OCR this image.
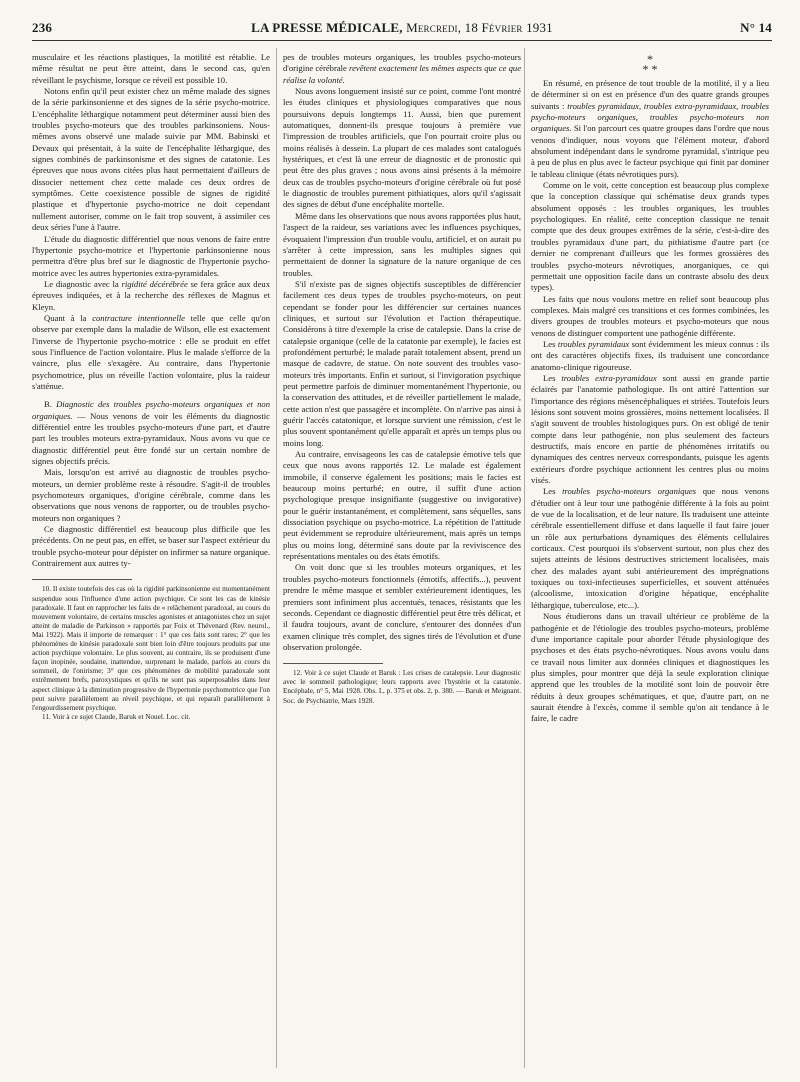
236	LA PRESSE MÉDICALE, Mercredi, 18 Février 1931	N° 14

musculaire et les réactions plastiques, la motilité est rétablie. Le même résultat ne peut être atteint, dans le second cas, qu'en réveillant le psychisme, lorsque ce réveil est possible 10.

Notons enfin qu'il peut exister chez un même malade des signes de la série parkinsonienne et des signes de la série psycho-motrice. L'encéphalite léthargique notamment peut déterminer aussi bien des troubles psycho-moteurs que des troubles parkinsoniens. Nous-mêmes avons observé une malade suivie par MM. Babinski et Devaux qui présentait, à la suite de l'encéphalite léthargique, des signes combinés de parkinsonisme et des signes de catatonie. Les épreuves que nous avons citées plus haut permettaient d'ailleurs de dissocier nettement chez cette malade ces deux ordres de symptômes. Cette coexistence possible de signes de rigidité plastique et d'hypertonie psycho-motrice ne doit cependant nullement autoriser, comme on le fait trop souvent, à assimiler ces deux séries l'une à l'autre.

L'étude du diagnostic différentiel que nous venons de faire entre l'hypertonie psycho-motrice et l'hypertonie parkinsonienne nous permettra d'être plus bref sur le diagnostic de l'hypertonie psycho-motrice avec les autres hypertonies extra-pyramidales.

Le diagnostic avec la rigidité décérébrée se fera grâce aux deux épreuves indiquées, et à la recherche des réflexes de Magnus et Kleyn.

Quant à la contracture intentionnelle telle que celle qu'on observe par exemple dans la maladie de Wilson, elle est exactement l'inverse de l'hypertonie psycho-motrice : elle se produit en effet sous l'influence de l'action volontaire. Plus le malade s'efforce de la vaincre, plus elle s'exagère. Au contraire, dans l'hypertonie psychomotrice, plus on réveille l'action volontaire, plus la raideur s'atténue.

B. Diagnostic des troubles psycho-moteurs organiques et non organiques. — Nous venons de voir les éléments du diagnostic différentiel entre les troubles psycho-moteurs d'une part, et d'autre part les troubles moteurs extra-pyramidaux. Nous avons vu que ce diagnostic différentiel peut être fondé sur un certain nombre de signes objectifs précis.

Mais, lorsqu'on est arrivé au diagnostic de troubles psycho-moteurs, un dernier problème reste à résoudre. S'agit-il de troubles psychomoteurs organiques, d'origine cérébrale, comme dans les observations que nous venons de rapporter, ou de troubles psycho-moteurs non organiques ?

Ce diagnostic différentiel est beaucoup plus difficile que les précédents. On ne peut pas, en effet, se baser sur l'aspect extérieur du trouble psycho-moteur pour dépister on infirmer sa nature organique. Contrairement aux autres ty-

10. Il existe toutefois des cas où la rigidité parkinsonienne est momentanément suspendue sous l'influence d'une action psychique. Ce sont les cas de kinésie paradoxale. Il faut en rapprocher les faits de « relâchement paradoxal, au cours du mouvement volontaire, de certains muscles agonistes et antagonistes chez un sujet atteint de maladie de Parkinson » rapportés par Foix et Thévenard (Rev. neurol., Mai 1922). Mais il importe de remarquer : 1° que ces faits sont rares; 2° que les phénomènes de kinésie paradoxale sont bien loin d'être toujours produits par une action psychique volontaire. Le plus souvent, au contraire, ils se produisent d'une façon inopinée, soudaine, inattendue, surprenant le malade, parfois au cours du sommeil, de l'onirisme; 3° que ces phénomènes de mobilité paradoxale sont extrêmement brefs, paroxystiques et qu'ils ne sont pas superposables dans leur aspect clinique à la diminution progressive de l'hypertonie psychomotrice que l'on peut suivre parallèlement au réveil psychique, et qui reparaît parallèlement à l'engourdissement psychique.

11. Voir à ce sujet Claude, Baruk et Nouel. Loc. cit.

pes de troubles moteurs organiques, les troubles psycho-moteurs d'origine cérébrale revêtent exactement les mêmes aspects que ce que réalise la volonté.

Nous avons longuement insisté sur ce point, comme l'ont montré les études cliniques et physiologiques comparatives que nous poursuivons depuis longtemps 11. Aussi, bien que purement automatiques, donnent-ils presque toujours à première vue l'impression de troubles artificiels, que l'on pourrait croire plus ou moins réalisés à dessein. La plupart de ces malades sont catalogués hystériques, et c'est là une erreur de diagnostic et de pronostic qui peut être des plus graves ; nous avons ainsi présents à la mémoire deux cas de troubles psycho-moteurs d'origine cérébrale où fut posé le diagnostic de troubles purement pithiatiques, alors qu'il s'agissait des signes de début d'une encéphalite mortelle.

Même dans les observations que nous avons rapportées plus haut, l'aspect de la raideur, ses variations avec les influences psychiques, évoquaient l'impression d'un trouble voulu, artificiel, et on aurait pu s'arrêter à cette impression, sans les multiples signes qui permettaient de donner la signature de la nature organique de ces troubles.

S'il n'existe pas de signes objectifs susceptibles de différencier facilement ces deux types de troubles psycho-moteurs, on peut cependant se fonder pour les différencier sur certaines nuances cliniques, et surtout sur l'évolution et l'action thérapeutique. Considérons à titre d'exemple la crise de catalepsie. Dans la crise de catalepsie organique (celle de la catatonie par exemple), le facies est profondément perturbé; le malade paraît totalement absent, prend un masque de cadavre, de statue. On note souvent des troubles vaso-moteurs très importants. Enfin et surtout, si l'invigoration psychique peut permettre parfois de diminuer momentanément l'hypertonie, ou la conservation des attitudes, et de réveiller partiellement le malade, cette action n'est que passagère et incomplète. On n'arrive pas ainsi à guérir l'accès catatonique, et lorsque survient une rémission, c'est le plus souvent spontanément qu'elle apparaît et après un temps plus ou moins long.

Au contraire, envisageons les cas de catalepsie émotive tels que ceux que nous avons rapportés 12. Le malade est également immobile, il conserve également les positions; mais le facies est beaucoup moins perturbé; en outre, il suffit d'une action psychologique presque insignifiante (suggestive ou invigorative) pour le guérir instantanément, et complètement, sans séquelles, sans dissociation psychique ou psycho-motrice. La répétition de l'attitude peut évidemment se reproduire ultérieurement, mais après un temps plus ou moins long, déterminé sans doute par la reviviscence des représentations mentales ou des états émotifs.

On voit donc que si les troubles moteurs organiques, et les troubles psycho-moteurs fonctionnels (émotifs, affectifs...), peuvent prendre le même masque et sembler extérieurement identiques, les premiers sont infiniment plus accentués, tenaces, résistants que les seconds. Cependant ce diagnostic différentiel peut être très délicat, et il faudra toujours, avant de conclure, s'entourer des données d'un examen clinique très complet, des signes tirés de l'évolution et d'une observation prolongée.

12. Voir à ce sujet Claude et Baruk : Les crises de catalepsie. Leur diagnostic avec le sommeil pathologique; leurs rapports avec l'hystérie et la catatonie. Encéphale, n° 5, Mai 1928. Obs. I., p. 375 et obs. 2, p. 380. — Baruk et Meignant. Soc. de Psychiatrie, Mars 1928.

*
* *

En résumé, en présence de tout trouble de la motilité, il y a lieu de déterminer si on est en présence d'un des quatre grands groupes suivants : troubles pyramidaux, troubles extra-pyramidaux, troubles psycho-moteurs organiques, troubles psycho-moteurs non organiques. Si l'on parcourt ces quatre groupes dans l'ordre que nous venons d'indiquer, nous voyons que l'élément moteur, d'abord absolument indépendant dans le syndrome pyramidal, s'intrique peu à peu de plus en plus avec le facteur psychique qui finit par dominer le tableau clinique (états névrotiques purs).

Comme on le voit, cette conception est beaucoup plus complexe que la conception classique qui schématise deux grands types absolument opposés : les troubles organiques, les troubles psychologiques. En réalité, cette conception classique ne tenait compte que des deux groupes extrêmes de la série, c'est-à-dire des troubles pyramidaux d'une part, du pithiatisme d'autre part (ce dernier ne comprenant d'ailleurs que les formes grossières des troubles psycho-moteurs névrotiques, anorganiques, ce qui permettait une opposition facile dans un contraste absolu des deux types).

Les faits que nous voulons mettre en relief sont beaucoup plus complexes. Mais malgré ces transitions et ces formes combinées, les divers groupes de troubles moteurs et psycho-moteurs que nous venons de distinguer comportent une pathogénie différente.

Les troubles pyramidaux sont évidemment les mieux connus : ils ont des caractères objectifs fixes, ils traduisent une concordance anatomo-clinique rigoureuse.

Les troubles extra-pyramidaux sont aussi en grande partie éclairés par l'anatomie pathologique. Ils ont attiré l'attention sur l'importance des régions mésencéphaliques et striées. Toutefois leurs lésions sont souvent moins grossières, moins nettement localisées. Il s'agit souvent de troubles histologiques purs. On est obligé de tenir compte dans leur pathogénie, non plus seulement des facteurs destructifs, mais encore en partie de phénomènes irritatifs ou dynamiques des centres nerveux correspondants, puisque les agents extérieurs d'ordre psychique actionnent les centres plus ou moins visés.

Les troubles psycho-moteurs organiques que nous venons d'étudier ont à leur tour une pathogénie différente à la fois au point de vue de la localisation, et de leur nature. Ils traduisent une atteinte cérébrale essentiellement diffuse et dans laquelle il faut faire jouer un rôle aux perturbations dynamiques des éléments cellulaires corticaux. C'est pourquoi ils s'observent surtout, non plus chez des sujets atteints de lésions destructives strictement localisées, mais chez des malades ayant subi antérieurement des imprégnations toxiques ou toxi-infectieuses superficielles, et souvent atténuées (alcoolisme, intoxication d'origine hépatique, encéphalite léthargique, tuberculose, etc...).

Nous étudierons dans un travail ultérieur ce problème de la pathogénie et de l'étiologie des troubles psycho-moteurs, problème d'une importance capitale pour aborder l'étude physiologique des psychoses et des états psycho-névrotiques. Nous avons voulu dans ce travail nous limiter aux données cliniques et diagnostiques les plus simples, pour montrer que déjà la seule exploration clinique apprend que les troubles de la motilité sont loin de pouvoir être réduits à deux groupes schématiques, et que, d'autre part, on ne saurait étendre à l'excès, comme il semble qu'on ait tendance à le faire, le cadre
